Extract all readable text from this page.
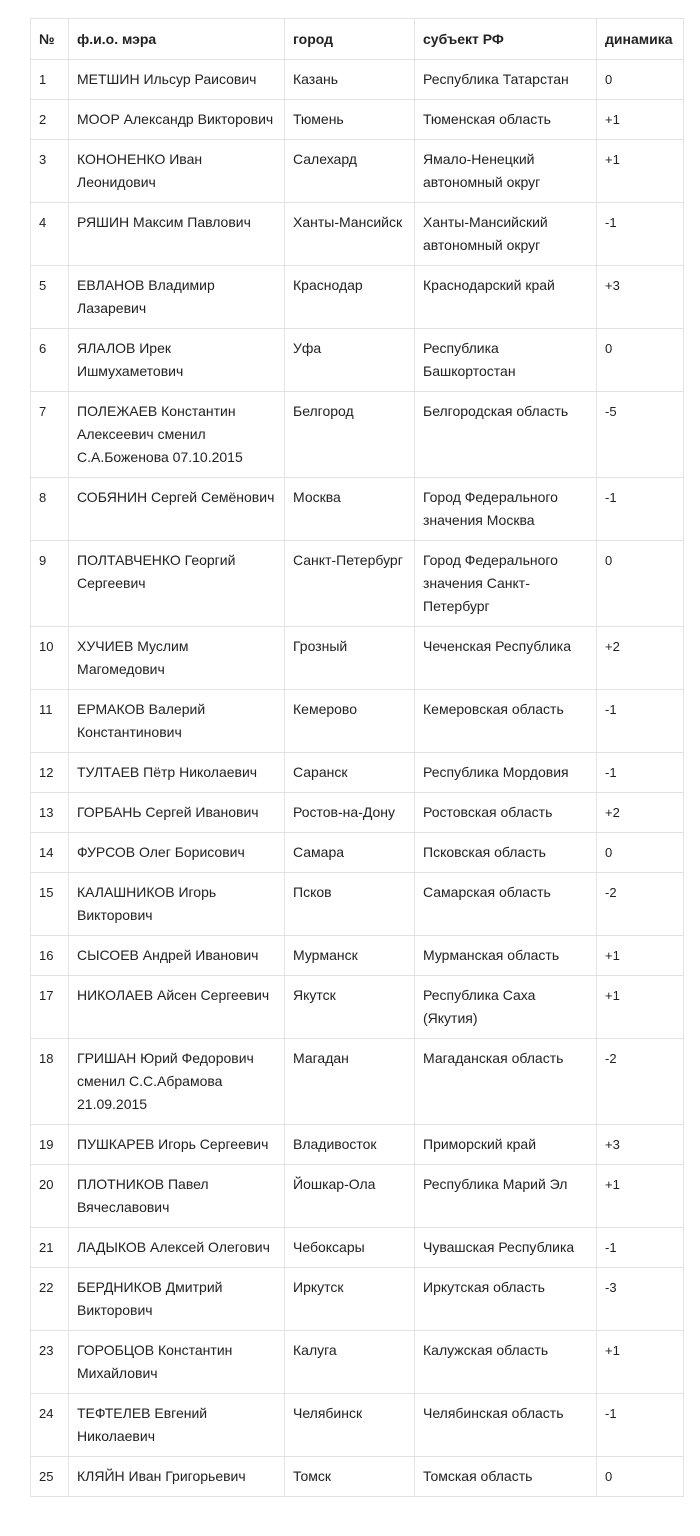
№	ф.и.о. мэра	город	субъект РФ	динамика
1	МЕТШИН Ильсур Раисович	Казань	Республика Татарстан	0
2	МООР Александр Викторович	Тюмень	Тюменская область	+1
3	КОНОНЕНКО Иван Леонидович	Салехард	Ямало-Ненецкий автономный округ	+1
4	РЯШИН Максим Павлович	Ханты-Мансийск	Ханты-Мансийский автономный округ	-1
5	ЕВЛАНОВ Владимир Лазаревич	Краснодар	Краснодарский край	+3
6	ЯЛАЛОВ Ирек Ишмухаметович	Уфа	Республика Башкортостан	0
7	ПОЛЕЖАЕВ Константин Алексеевич сменил С.А.Боженова 07.10.2015	Белгород	Белгородская область	-5
8	СОБЯНИН Сергей Семёнович	Москва	Город Федерального значения Москва	-1
9	ПОЛТАВЧЕНКО Георгий Сергеевич	Санкт-Петербург	Город Федерального значения Санкт-Петербург	0
10	ХУЧИЕВ Муслим Магомедович	Грозный	Чеченская Республика	+2
11	ЕРМАКОВ Валерий Константинович	Кемерово	Кемеровская область	-1
12	ТУЛТАЕВ Пётр Николаевич	Саранск	Республика Мордовия	-1
13	ГОРБАНЬ Сергей Иванович	Ростов-на-Дону	Ростовская область	+2
14	ФУРСОВ Олег Борисович	Самара	Псковская область	0
15	КАЛАШНИКОВ Игорь Викторович	Псков	Самарская область	-2
16	СЫСОЕВ Андрей Иванович	Мурманск	Мурманская область	+1
17	НИКОЛАЕВ Айсен Сергеевич	Якутск	Республика Саха (Якутия)	+1
18	ГРИШАН Юрий Федорович сменил С.С.Абрамова 21.09.2015	Магадан	Магаданская область	-2
19	ПУШКАРЕВ Игорь Сергеевич	Владивосток	Приморский край	+3
20	ПЛОТНИКОВ Павел Вячеславович	Йошкар-Ола	Республика Марий Эл	+1
21	ЛАДЫКОВ Алексей Олегович	Чебоксары	Чувашская Республика	-1
22	БЕРДНИКОВ Дмитрий Викторович	Иркутск	Иркутская область	-3
23	ГОРОБЦОВ Константин Михайлович	Калуга	Калужская область	+1
24	ТЕФТЕЛЕВ Евгений Николаевич	Челябинск	Челябинская область	-1
25	КЛЯЙН Иван Григорьевич	Томск	Томская область	0
